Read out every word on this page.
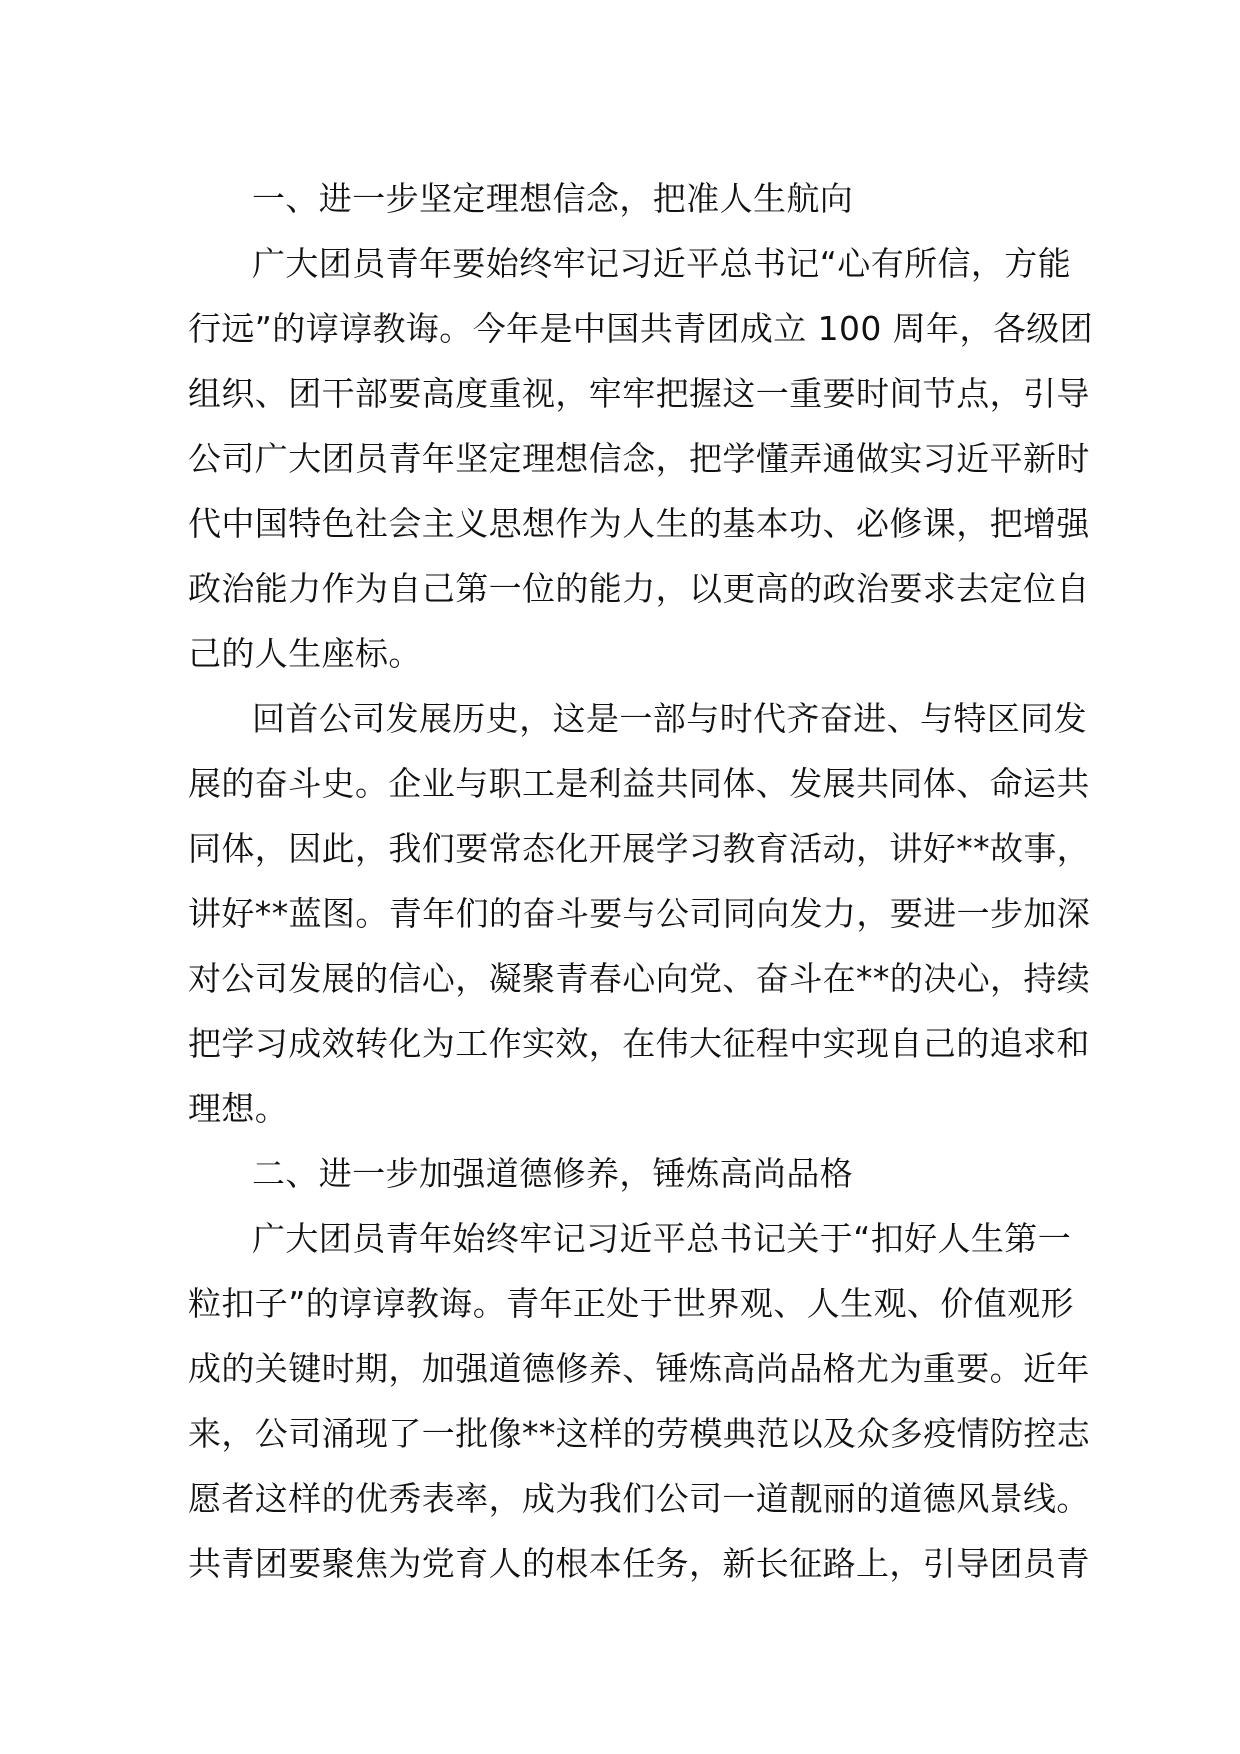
一、进一步坚定理想信念，把准人生航向
广大团员青年要始终牢记习近平总书记“心有所信，方能
行远”的谆谆教诲。今年是中国共青团成立 100 周年，各级团
组织、团干部要高度重视，牢牢把握这一重要时间节点，引导
公司广大团员青年坚定理想信念，把学懂弄通做实习近平新时
代中国特色社会主义思想作为人生的基本功、必修课，把增强
政治能力作为自己第一位的能力，以更高的政治要求去定位自
己的人生座标。
回首公司发展历史，这是一部与时代齐奋进、与特区同发
展的奋斗史。企业与职工是利益共同体、发展共同体、命运共
同体，因此，我们要常态化开展学习教育活动，讲好**故事，
讲好**蓝图。青年们的奋斗要与公司同向发力，要进一步加深
对公司发展的信心，凝聚青春心向党、奋斗在**的决心，持续
把学习成效转化为工作实效，在伟大征程中实现自己的追求和
理想。
二、进一步加强道德修养，锤炼高尚品格
广大团员青年始终牢记习近平总书记关于“扣好人生第一
粒扣子”的谆谆教诲。青年正处于世界观、人生观、价值观形
成的关键时期，加强道德修养、锤炼高尚品格尤为重要。近年
来，公司涌现了一批像**这样的劳模典范以及众多疫情防控志
愿者这样的优秀表率，成为我们公司一道靓丽的道德风景线。
共青团要聚焦为党育人的根本任务，新长征路上，引导团员青
